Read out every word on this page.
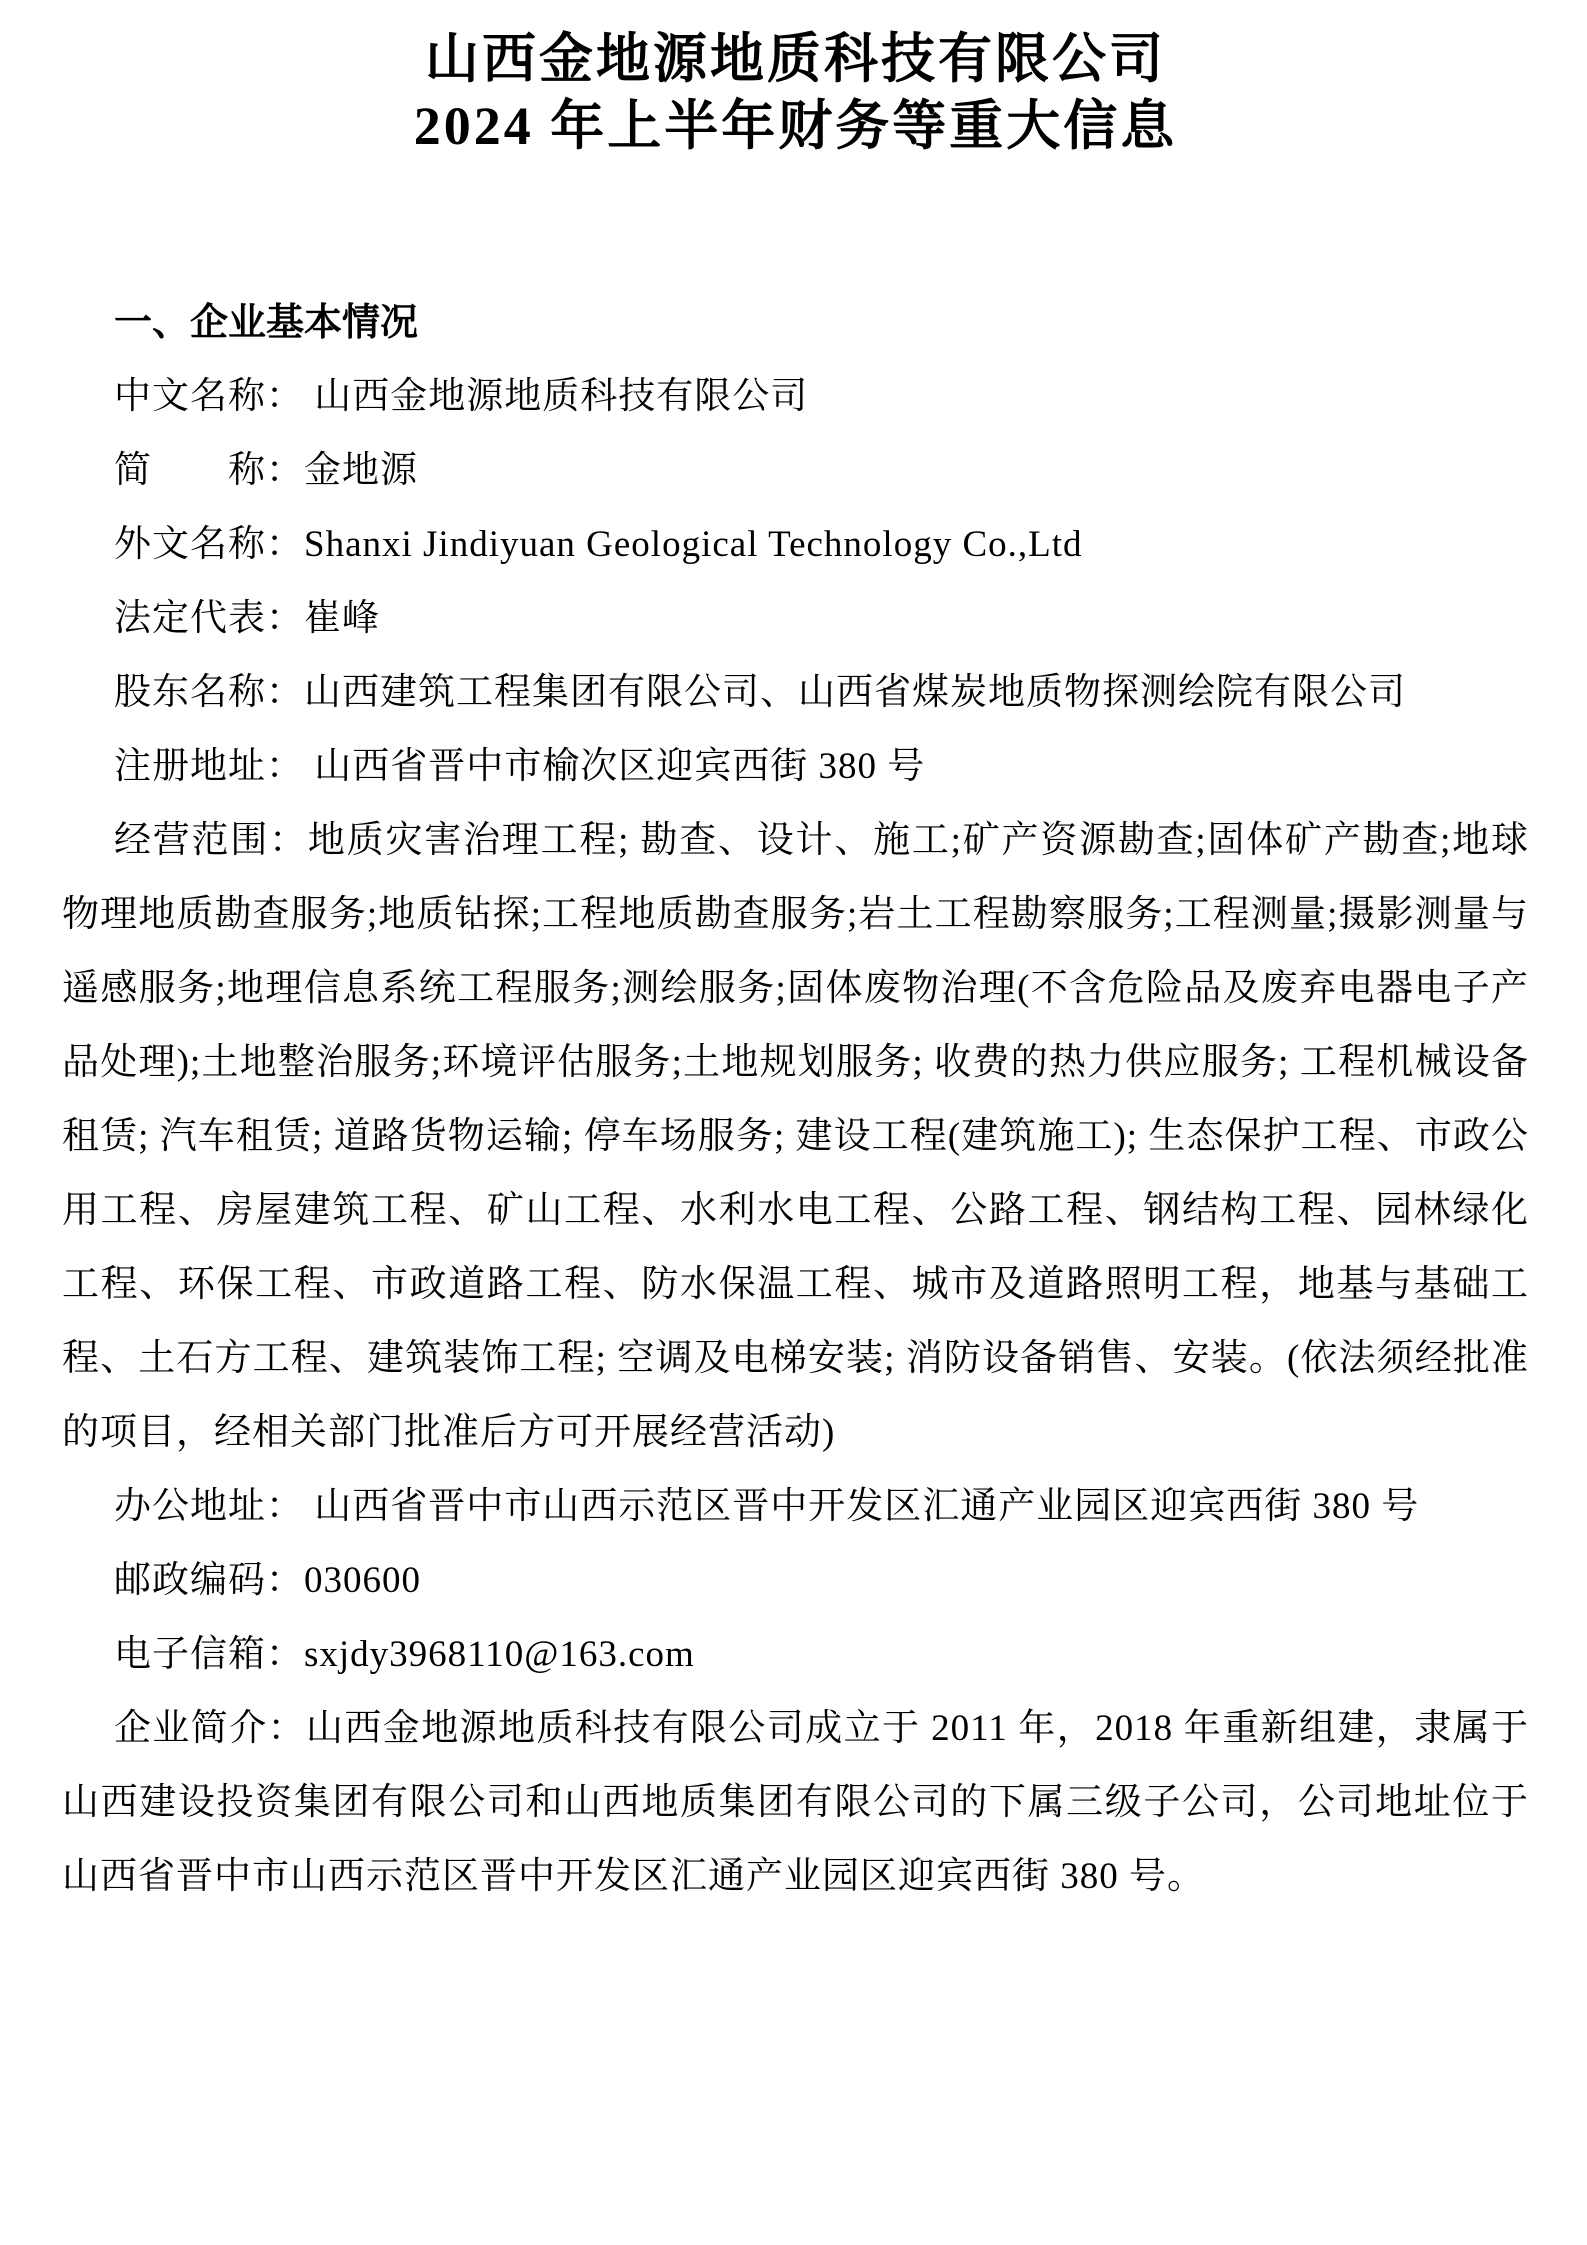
山西金地源地质科技有限公司
2024 年上半年财务等重大信息
一、企业基本情况

中文名称： 山西金地源地质科技有限公司

简　　称：金地源

外文名称：Shanxi Jindiyuan Geological Technology Co.,Ltd

法定代表：崔峰

股东名称：山西建筑工程集团有限公司、山西省煤炭地质物探测绘院有限公司

注册地址： 山西省晋中市榆次区迎宾西街 380 号

经营范围：地质灾害治理工程; 勘查、设计、施工;矿产资源勘查;固体矿产勘查;地球物理地质勘查服务;地质钻探;工程地质勘查服务;岩土工程勘察服务;工程测量;摄影测量与遥感服务;地理信息系统工程服务;测绘服务;固体废物治理(不含危险品及废弃电器电子产品处理);土地整治服务;环境评估服务;土地规划服务; 收费的热力供应服务; 工程机械设备租赁; 汽车租赁; 道路货物运输; 停车场服务; 建设工程(建筑施工); 生态保护工程、市政公用工程、房屋建筑工程、矿山工程、水利水电工程、公路工程、钢结构工程、园林绿化工程、环保工程、市政道路工程、防水保温工程、城市及道路照明工程，地基与基础工程、土石方工程、建筑装饰工程; 空调及电梯安装; 消防设备销售、安装。(依法须经批准的项目，经相关部门批准后方可开展经营活动)

办公地址： 山西省晋中市山西示范区晋中开发区汇通产业园区迎宾西街 380 号

邮政编码：030600

电子信箱：sxjdy3968110@163.com

企业简介：山西金地源地质科技有限公司成立于 2011 年，2018 年重新组建，隶属于山西建设投资集团有限公司和山西地质集团有限公司的下属三级子公司，公司地址位于山西省晋中市山西示范区晋中开发区汇通产业园区迎宾西街 380 号。
